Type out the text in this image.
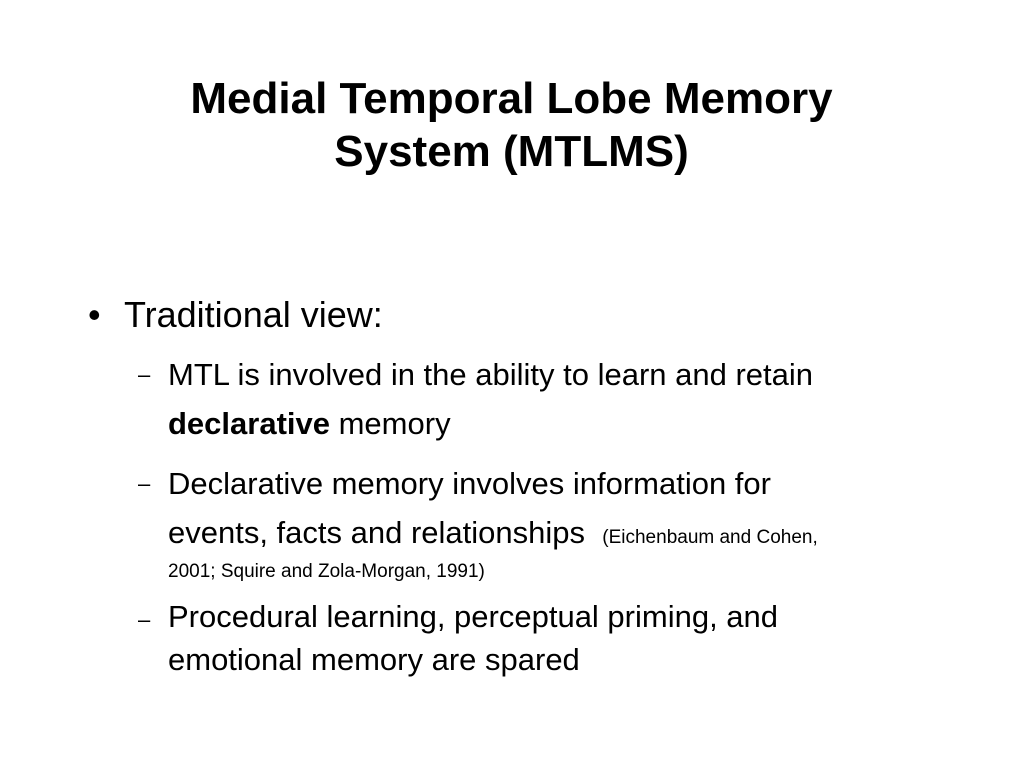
Medial Temporal Lobe Memory
System (MTLMS)
• Traditional view:
– MTL is involved in the ability to learn and retain
declarative memory
– Declarative memory involves information for
events, facts and relationships (Eichenbaum and Cohen,
2001; Squire and Zola-Morgan, 1991)
– Procedural learning, perceptual priming, and
emotional memory are spared
